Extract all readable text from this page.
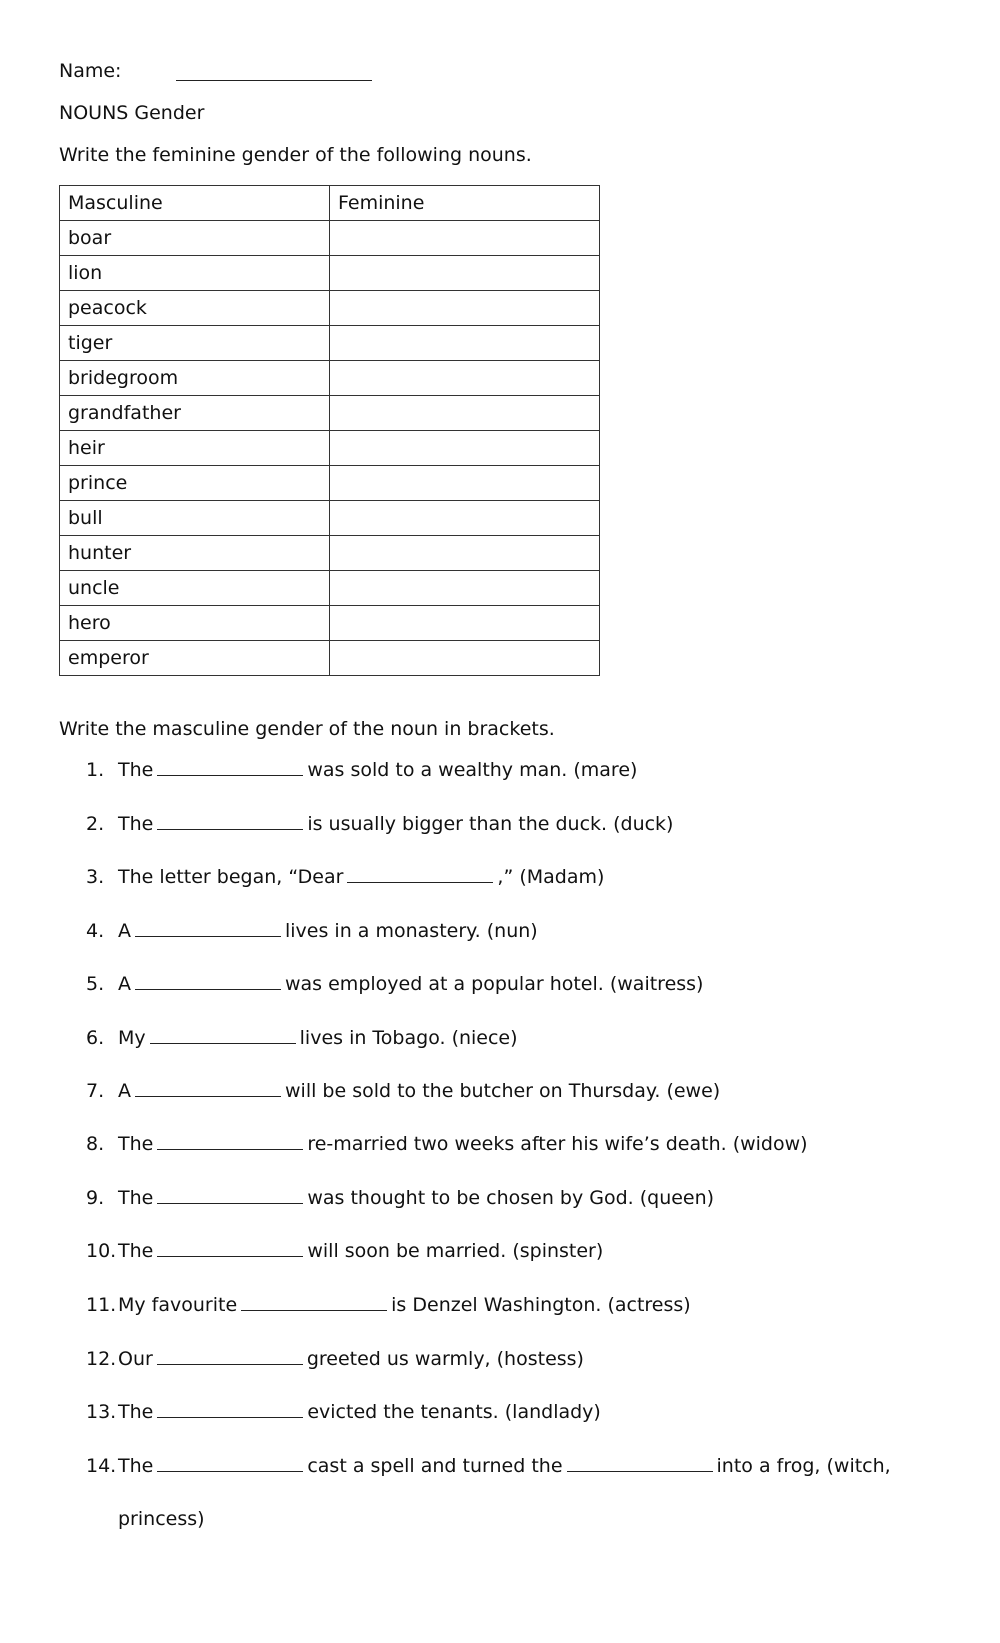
Name:
NOUNS Gender
Write the feminine gender of the following nouns.
Masculine	Feminine
boar	
lion	
peacock	
tiger	
bridegroom	
grandfather	
heir	
prince	
bull	
hunter	
uncle	
hero	
emperor	
Write the masculine gender of the noun in brackets.
1. The	was sold to a wealthy man. (mare)
2. The	is usually bigger than the duck. (duck)
3. The letter began, “Dear	,” (Madam)
4. A	lives in a monastery. (nun)
5. A	was employed at a popular hotel. (waitress)
6. My	lives in Tobago. (niece)
7. A	will be sold to the butcher on Thursday. (ewe)
8. The	re-married two weeks after his wife’s death. (widow)
9. The	was thought to be chosen by God. (queen)
10.The	will soon be married. (spinster)
11.My favourite	is Denzel Washington. (actress)
12.Our	greeted us warmly, (hostess)
13.The	evicted the tenants. (landlady)
14.The	cast a spell and turned the	into a frog, (witch,
princess)
